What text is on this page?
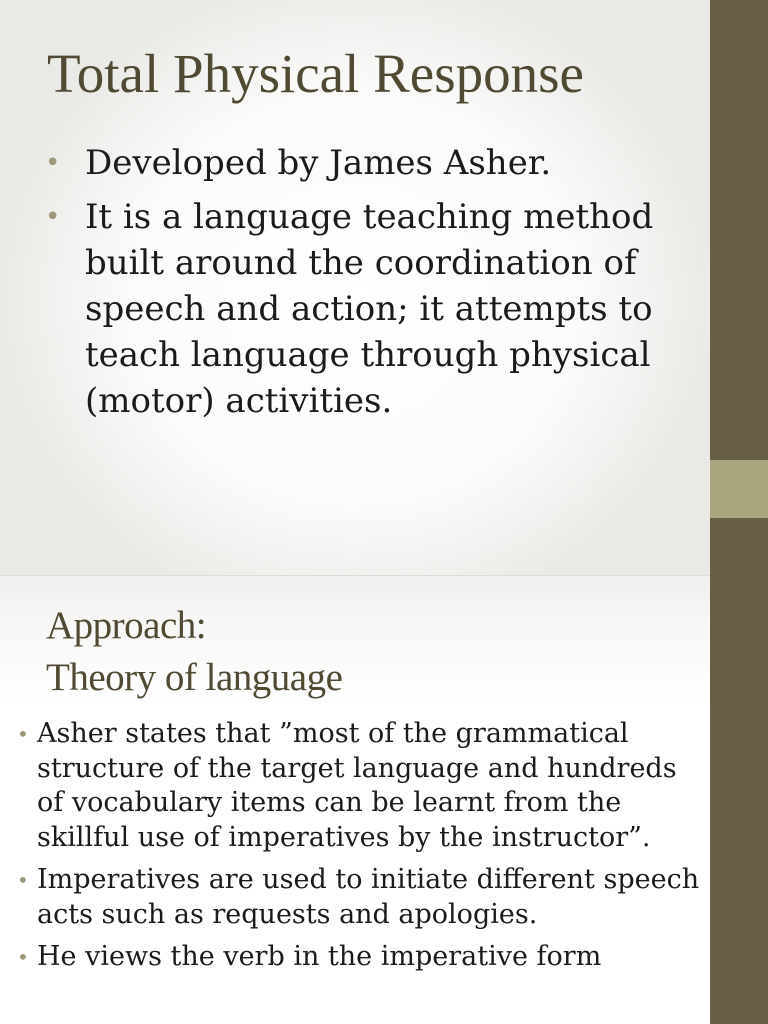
Total Physical Response
• Developed by James Asher.
• It is a language teaching method built around the coordination of speech and action; it attempts to teach language through physical (motor) activities.
Approach:
Theory of language
• Asher states that ”most of the grammatical structure of the target language and hundreds of vocabulary items can be learnt from the skillful use of imperatives by the instructor”.
• Imperatives are used to initiate different speech acts such as requests and apologies.
• He views the verb in the imperative form
